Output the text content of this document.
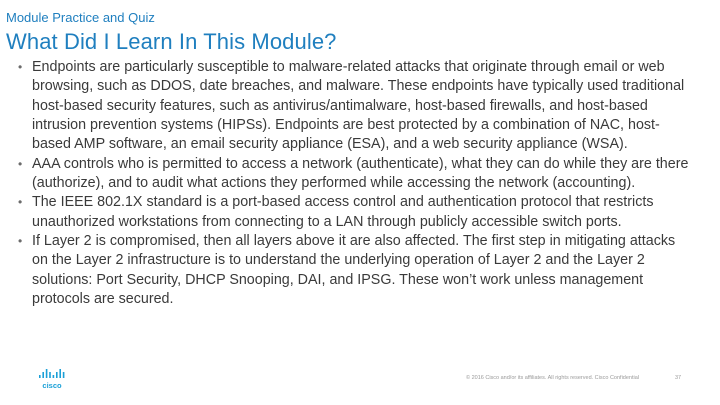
Module Practice and Quiz
What Did I Learn In This Module?
• Endpoints are particularly susceptible to malware-related attacks that originate through email or web browsing, such as DDOS, date breaches, and malware. These endpoints have typically used traditional host-based security features, such as antivirus/antimalware, host-based firewalls, and host-based intrusion prevention systems (HIPSs). Endpoints are best protected by a combination of NAC, host-based AMP software, an email security appliance (ESA), and a web security appliance (WSA).
• AAA controls who is permitted to access a network (authenticate), what they can do while they are there (authorize), and to audit what actions they performed while accessing the network (accounting).
• The IEEE 802.1X standard is a port-based access control and authentication protocol that restricts unauthorized workstations from connecting to a LAN through publicly accessible switch ports.
• If Layer 2 is compromised, then all layers above it are also affected. The first step in mitigating attacks on the Layer 2 infrastructure is to understand the underlying operation of Layer 2 and the Layer 2 solutions: Port Security, DHCP Snooping, DAI, and IPSG. These won’t work unless management protocols are secured.
cisco
© 2016 Cisco and/or its affiliates. All rights reserved. Cisco Confidential	37
